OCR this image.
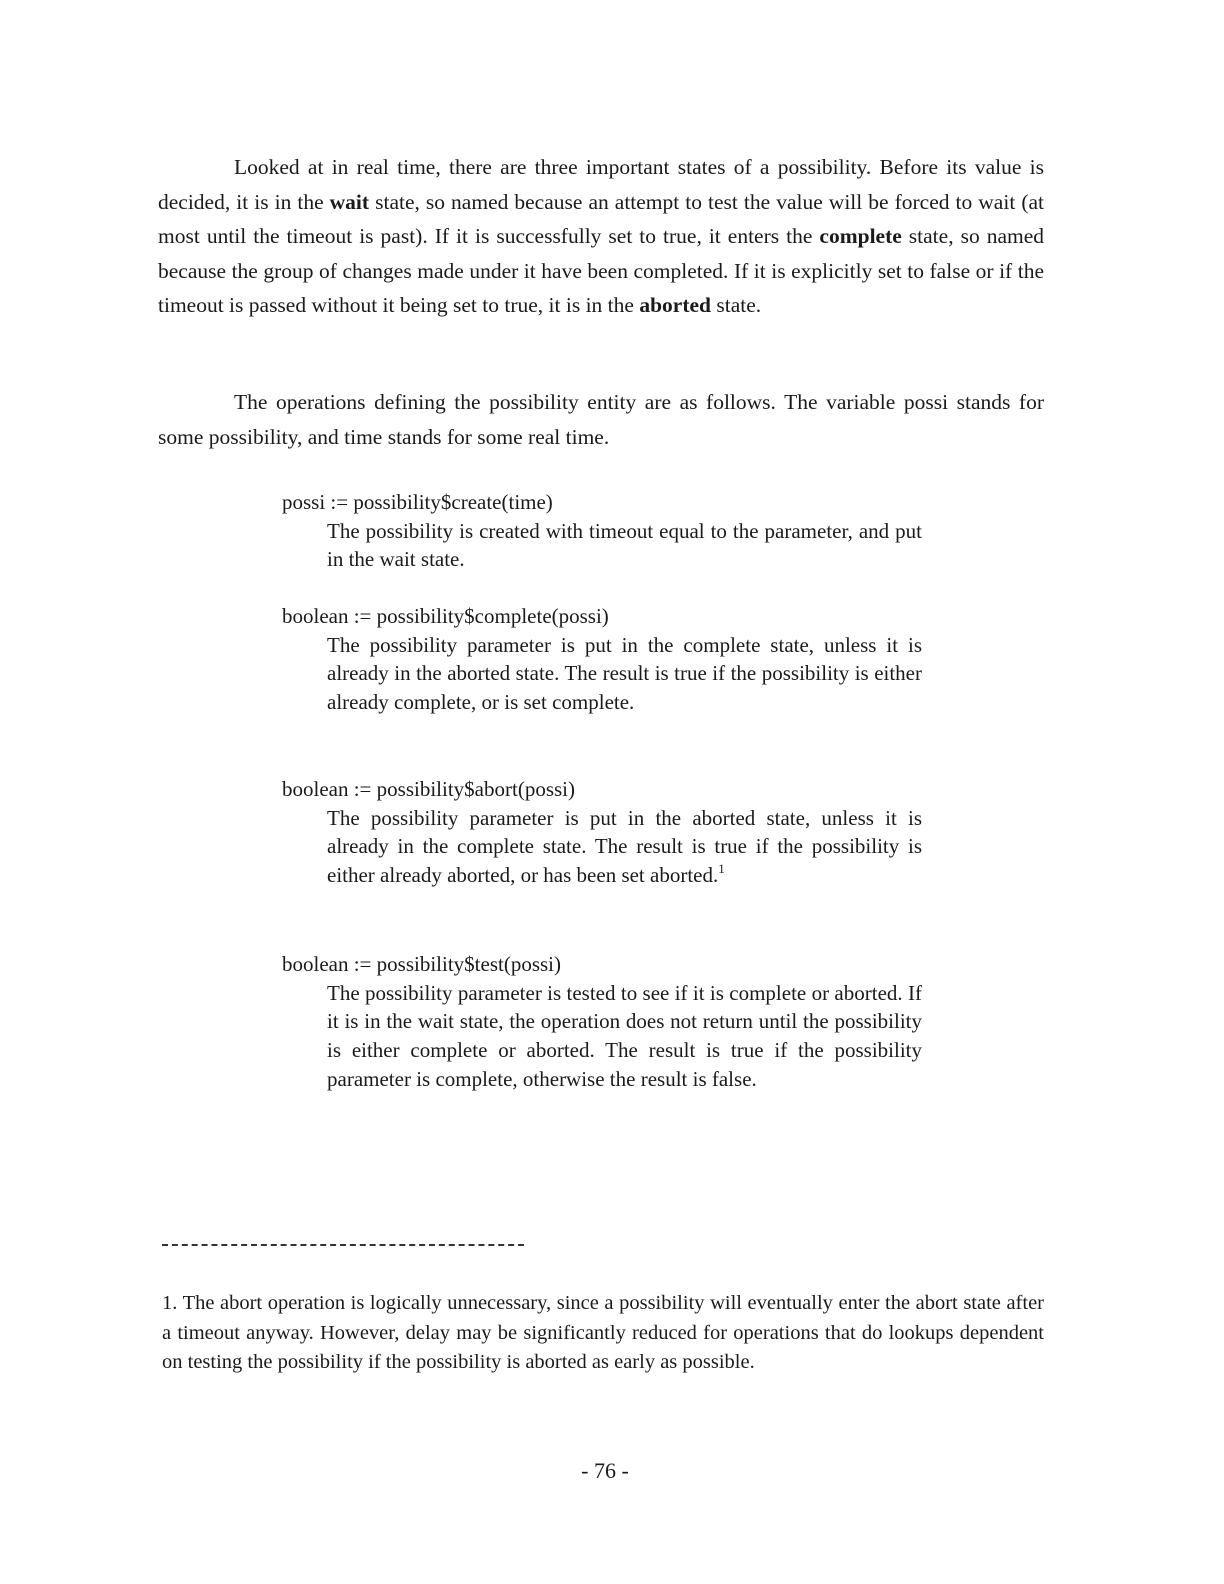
Looked at in real time, there are three important states of a possibility. Before its value is decided, it is in the wait state, so named because an attempt to test the value will be forced to wait (at most until the timeout is past). If it is successfully set to true, it enters the complete state, so named because the group of changes made under it have been completed. If it is explicitly set to false or if the timeout is passed without it being set to true, it is in the aborted state.

The operations defining the possibility entity are as follows. The variable possi stands for some possibility, and time stands for some real time.

possi := possibility$create(time)

The possibility is created with timeout equal to the parameter, and put in the wait state.

boolean := possibility$complete(possi)

The possibility parameter is put in the complete state, unless it is already in the aborted state. The result is true if the possibility is either already complete, or is set complete.

boolean := possibility$abort(possi)

The possibility parameter is put in the aborted state, unless it is already in the complete state. The result is true if the possibility is either already aborted, or has been set aborted.$^1$

boolean := possibility$test(possi)

The possibility parameter is tested to see if it is complete or aborted. If it is in the wait state, the operation does not return until the possibility is either complete or aborted. The result is true if the possibility parameter is complete, otherwise the result is false.

1. The abort operation is logically unnecessary, since a possibility will eventually enter the abort state after a timeout anyway. However, delay may be significantly reduced for operations that do lookups dependent on testing the possibility if the possibility is aborted as early as possible.

- 76 -
